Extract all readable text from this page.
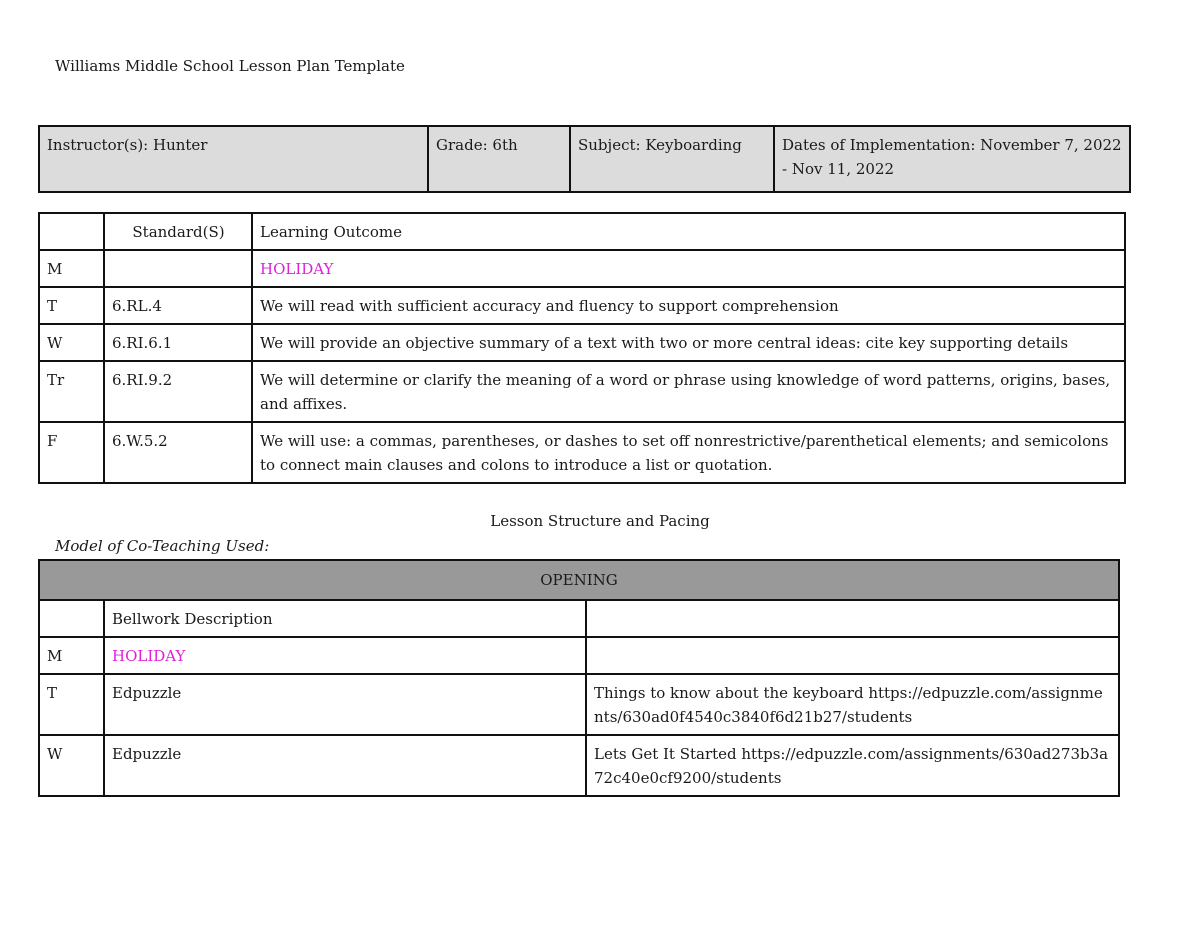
Williams Middle School Lesson Plan Template
Instructor(s): Hunter	Grade: 6th	Subject: Keyboarding	Dates of Implementation: November 7, 2022 - Nov 11, 2022
	Standard(S)	Learning Outcome
M		HOLIDAY
T	6.RL.4	We will read with sufficient accuracy and fluency to support comprehension
W	6.RI.6.1	We will provide an objective summary of a text with two or more central ideas: cite key supporting details
Tr	6.RI.9.2	We will determine or clarify the meaning of a word or phrase using knowledge of word patterns, origins, bases, and affixes.
F	6.W.5.2	We will use: a commas, parentheses, or dashes to set off nonrestrictive/parenthetical elements; and semicolons to connect main clauses and colons to introduce a list or quotation.
Lesson Structure and Pacing
Model of Co-Teaching Used:
OPENING		
	Bellwork Description	
M	HOLIDAY	
T	Edpuzzle	Things to know about the keyboard https://edpuzzle.com/assignments/630ad0f4540c3840f6d21b27/students
W	Edpuzzle	Lets Get It Started https://edpuzzle.com/assignments/630ad273b3a72c40e0cf9200/students
